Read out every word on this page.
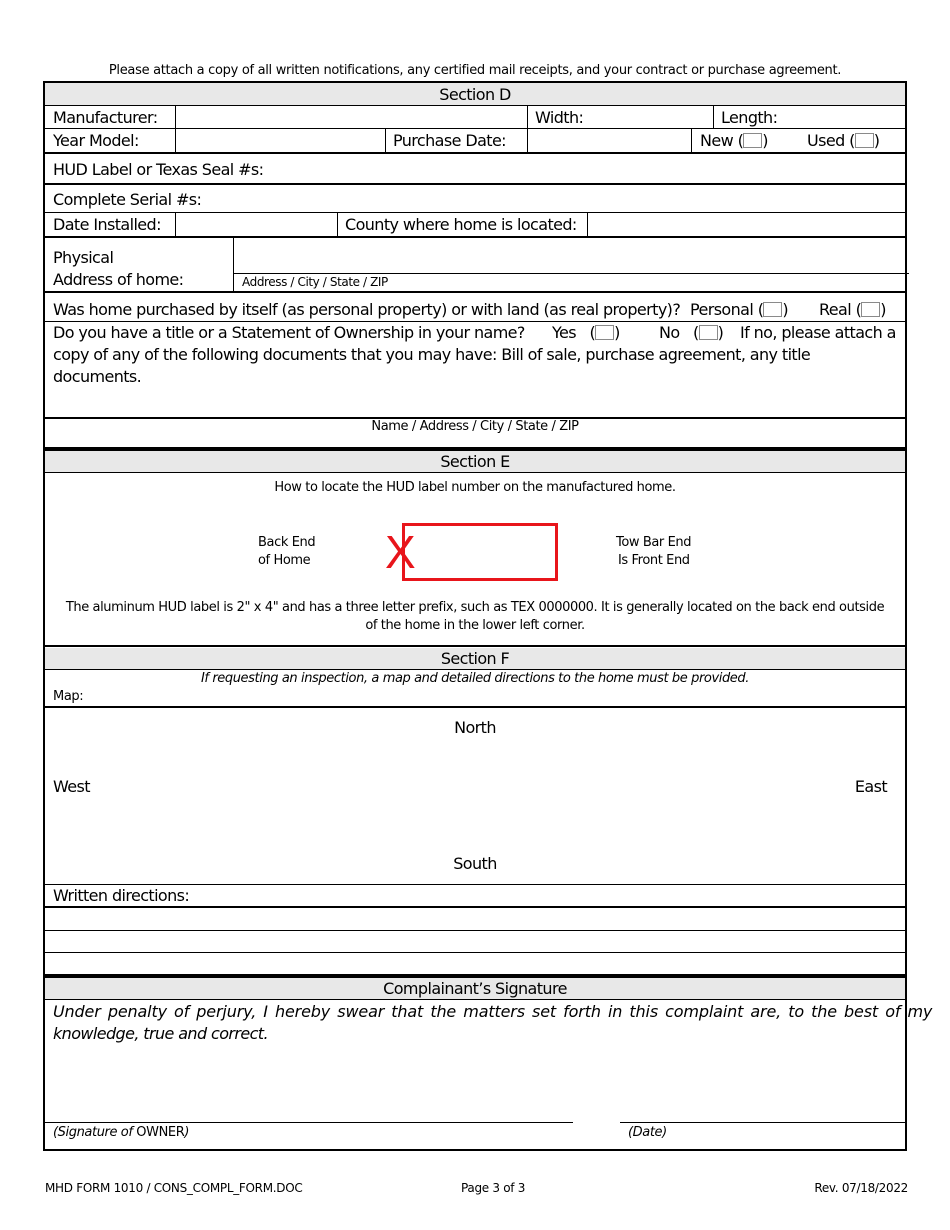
Please attach a copy of all written notifications, any certified mail receipts, and your contract or purchase agreement.
Section D
Manufacturer:	Width:	Length:
Year Model:	Purchase Date:	New ( ) Used ( )
HUD Label or Texas Seal #s:
Complete Serial #s:
Date Installed:	County where home is located:
Physical
Address of home:	Address / City / State / ZIP
Was home purchased by itself (as personal property) or with land (as real property)? Personal ( ) Real ( )
Do you have a title or a Statement of Ownership in your name? Yes   ( ) No   ( ) If no, please attach a
copy of any of the following documents that you may have: Bill of sale, purchase agreement, any title
documents.
Name / Address / City / State / ZIP
Section E
How to locate the HUD label number on the manufactured home.
Back End
of Home X	Tow Bar End
Is Front End
The aluminum HUD label is 2" x 4" and has a three letter prefix, such as TEX 0000000. It is generally located on the back end outside
of the home in the lower left corner.
Section F
If requesting an inspection, a map and detailed directions to the home must be provided.
Map:
North
West	East
South
Written directions:
Complainant’s Signature
Under penalty of perjury, I hereby swear that the matters set forth in this complaint are, to the best of my
knowledge, true and correct.
(Signature of OWNER)	(Date)
MHD FORM 1010 / CONS_COMPL_FORM.DOC	Page 3 of 3	Rev. 07/18/2022
